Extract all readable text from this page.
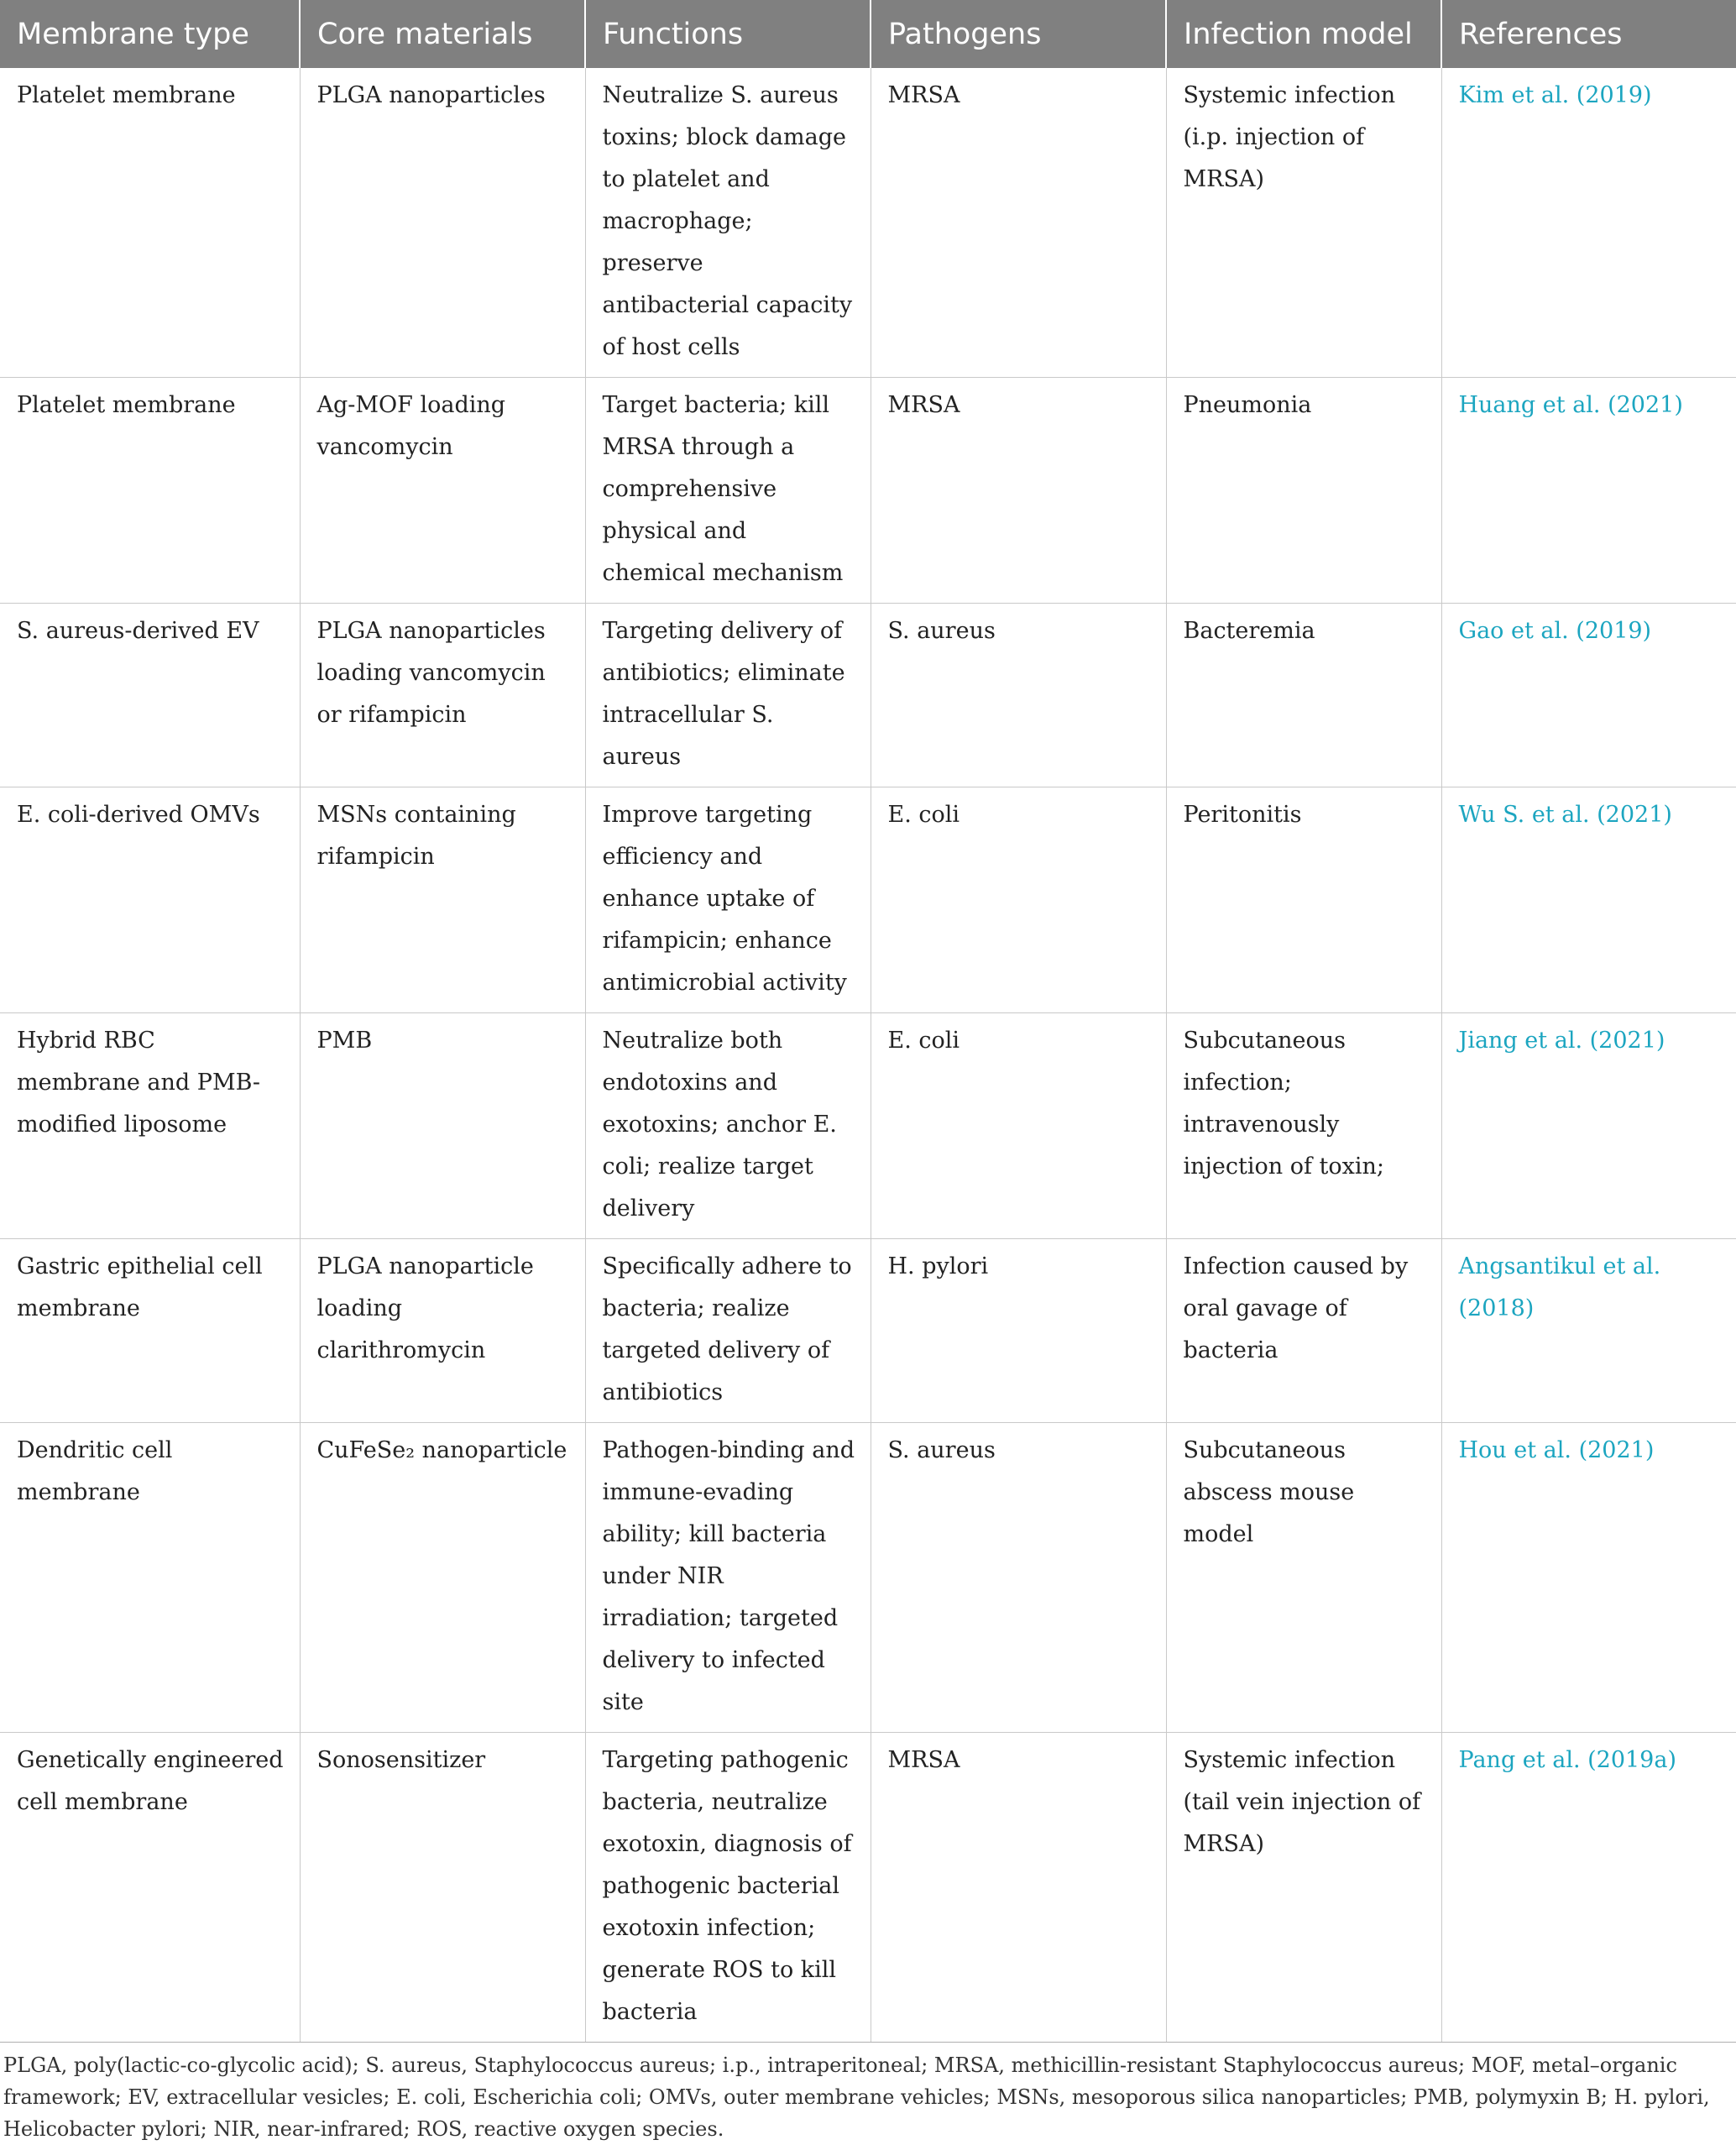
Membrane type	Core materials	Functions	Pathogens	Infection model	References
Platelet membrane	PLGA nanoparticles	Neutralize S. aureus toxins; block damage to platelet and macrophage; preserve antibacterial capacity of host cells	MRSA	Systemic infection (i.p. injection of MRSA)	Kim et al. (2019)
Platelet membrane	Ag-MOF loading vancomycin	Target bacteria; kill MRSA through a comprehensive physical and chemical mechanism	MRSA	Pneumonia	Huang et al. (2021)
S. aureus-derived EV	PLGA nanoparticles loading vancomycin or rifampicin	Targeting delivery of antibiotics; eliminate intracellular S. aureus	S. aureus	Bacteremia	Gao et al. (2019)
E. coli-derived OMVs	MSNs containing rifampicin	Improve targeting efficiency and enhance uptake of rifampicin; enhance antimicrobial activity	E. coli	Peritonitis	Wu S. et al. (2021)
Hybrid RBC membrane and PMB-modified liposome	PMB	Neutralize both endotoxins and exotoxins; anchor E. coli; realize target delivery	E. coli	Subcutaneous infection; intravenously injection of toxin;	Jiang et al. (2021)
Gastric epithelial cell membrane	PLGA nanoparticle loading clarithromycin	Specifically adhere to bacteria; realize targeted delivery of antibiotics	H. pylori	Infection caused by oral gavage of bacteria	Angsantikul et al. (2018)
Dendritic cell membrane	CuFeSe₂ nanoparticle	Pathogen-binding and immune-evading ability; kill bacteria under NIR irradiation; targeted delivery to infected site	S. aureus	Subcutaneous abscess mouse model	Hou et al. (2021)
Genetically engineered cell membrane	Sonosensitizer	Targeting pathogenic bacteria, neutralize exotoxin, diagnosis of pathogenic bacterial exotoxin infection; generate ROS to kill bacteria	MRSA	Systemic infection (tail vein injection of MRSA)	Pang et al. (2019a)
PLGA, poly(lactic-co-glycolic acid); S. aureus, Staphylococcus aureus; i.p., intraperitoneal; MRSA, methicillin-resistant Staphylococcus aureus; MOF, metal–organic framework; EV, extracellular vesicles; E. coli, Escherichia coli; OMVs, outer membrane vehicles; MSNs, mesoporous silica nanoparticles; PMB, polymyxin B; H. pylori, Helicobacter pylori; NIR, near-infrared; ROS, reactive oxygen species.
